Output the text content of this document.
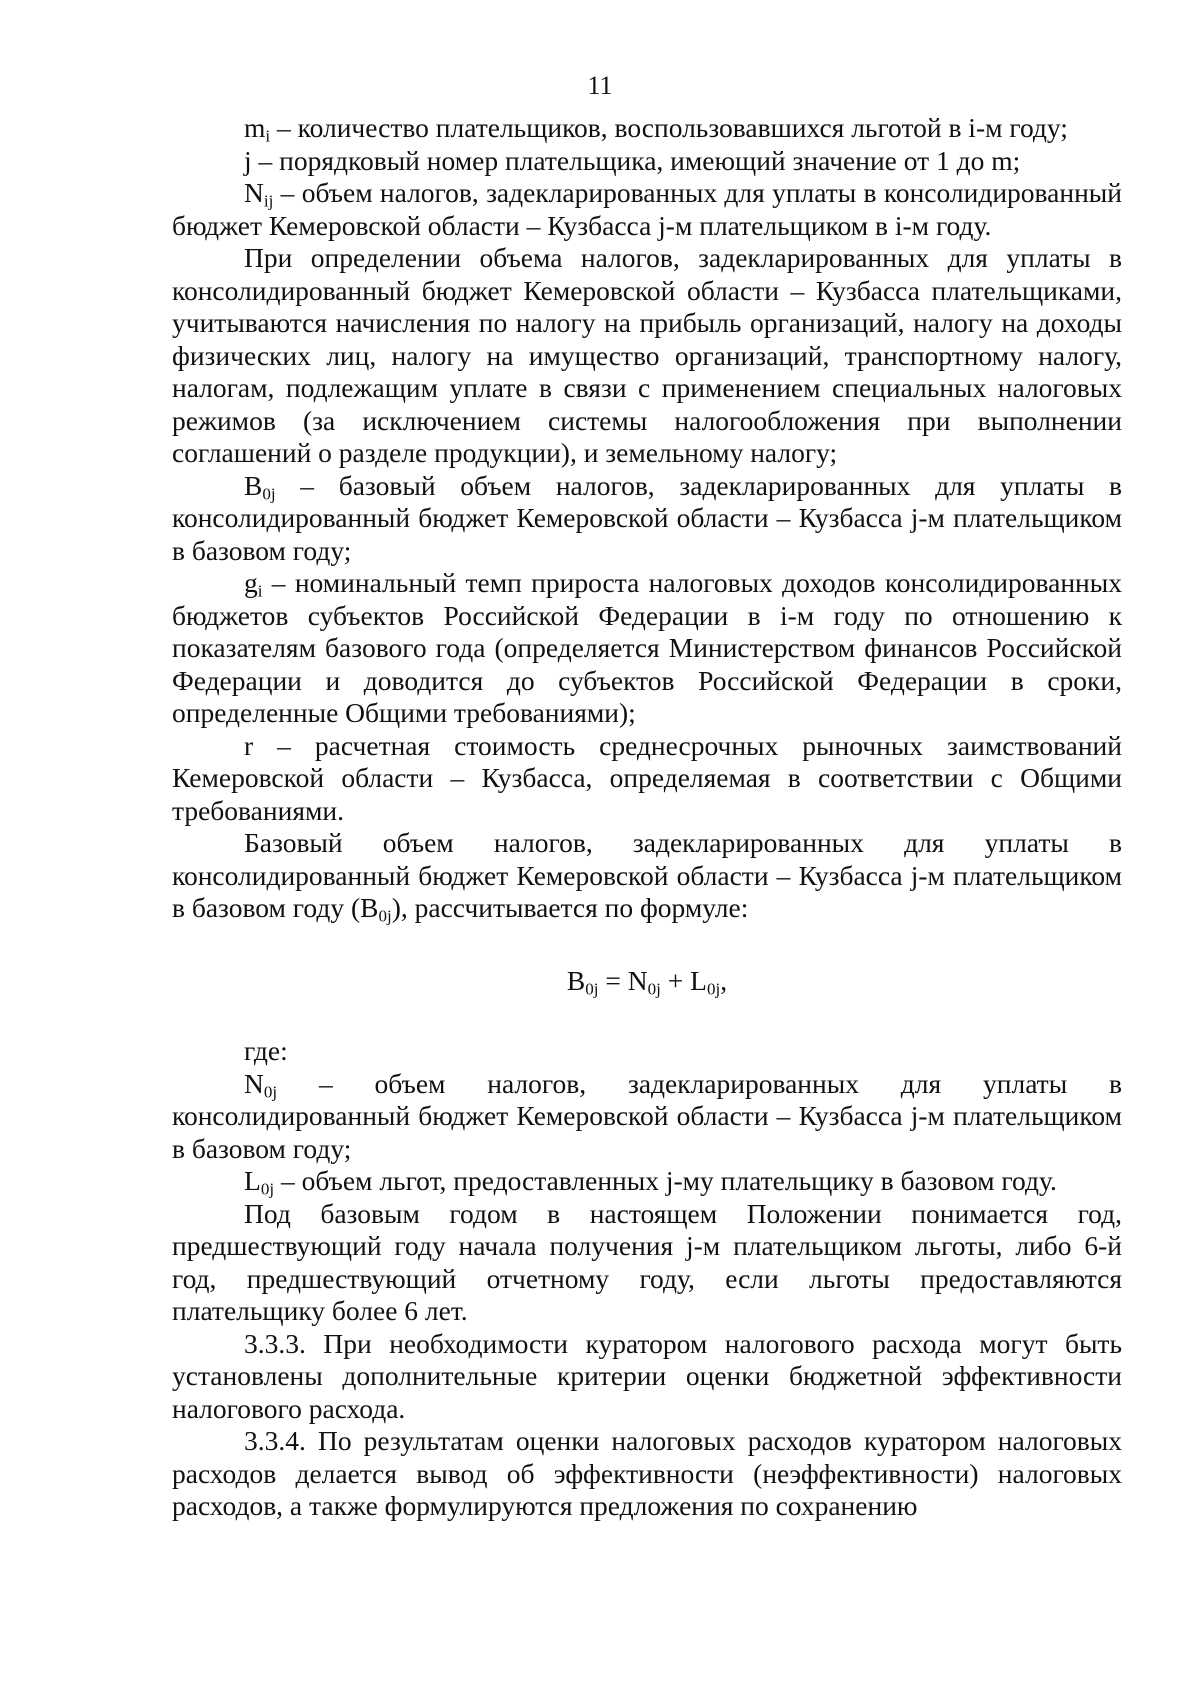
11

$m_i$ – количество плательщиков, воспользовавшихся льготой в i-м году;

j – порядковый номер плательщика, имеющий значение от 1 до m;

$N_{ij}$ – объем налогов, задекларированных для уплаты в консолидированный бюджет Кемеровской области – Кузбасса j-м плательщиком в i-м году.

При определении объема налогов, задекларированных для уплаты в консолидированный бюджет Кемеровской области – Кузбасса плательщиками, учитываются начисления по налогу на прибыль организаций, налогу на доходы физических лиц, налогу на имущество организаций, транспортному налогу, налогам, подлежащим уплате в связи с применением специальных налоговых режимов (за исключением системы налогообложения при выполнении соглашений о разделе продукции), и земельному налогу;

$B_{0j}$ – базовый объем налогов, задекларированных для уплаты в консолидированный бюджет Кемеровской области – Кузбасса j-м плательщиком в базовом году;

$g_i$ – номинальный темп прироста налоговых доходов консолидированных бюджетов субъектов Российской Федерации в i-м году по отношению к показателям базового года (определяется Министерством финансов Российской Федерации и доводится до субъектов Российской Федерации в сроки, определенные Общими требованиями);

r – расчетная стоимость среднесрочных рыночных заимствований Кемеровской области – Кузбасса, определяемая в соответствии с Общими требованиями.

Базовый объем налогов, задекларированных для уплаты в консолидированный бюджет Кемеровской области – Кузбасса j-м плательщиком в базовом году $(B_{0j})$, рассчитывается по формуле:

$B_{0j} = N_{0j} + L_{0j}$,

где:

$N_{0j}$ – объем налогов, задекларированных для уплаты в консолидированный бюджет Кемеровской области – Кузбасса j-м плательщиком в базовом году;

$L_{0j}$ – объем льгот, предоставленных j-му плательщику в базовом году.

Под базовым годом в настоящем Положении понимается год, предшествующий году начала получения j-м плательщиком льготы, либо 6-й год, предшествующий отчетному году, если льготы предоставляются плательщику более 6 лет.

3.3.3. При необходимости куратором налогового расхода могут быть установлены дополнительные критерии оценки бюджетной эффективности налогового расхода.

3.3.4. По результатам оценки налоговых расходов куратором налоговых расходов делается вывод об эффективности (неэффективности) налоговых расходов, а также формулируются предложения по сохранению
